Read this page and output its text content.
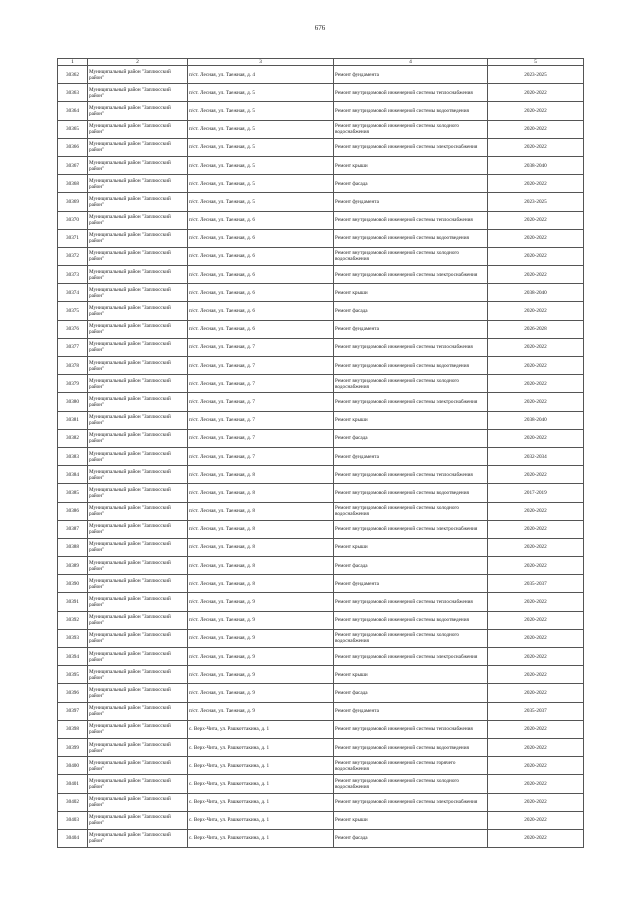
676
1	2	3	4	5
30362	Муниципальный район "Заплюсский район"	п/ст. Лесная, ул. Таежная, д. 4	Ремонт фундамента	2023-2025
30363	Муниципальный район "Заплюсский район"	п/ст. Лесная, ул. Таежная, д. 5	Ремонт внутридомовой инженерной системы теплоснабжения	2020-2022
30364	Муниципальный район "Заплюсский район"	п/ст. Лесная, ул. Таежная, д. 5	Ремонт внутридомовой инженерной системы водоотведения	2020-2022
30365	Муниципальный район "Заплюсский район"	п/ст. Лесная, ул. Таежная, д. 5	Ремонт внутридомовой инженерной системы холодного водоснабжения	2020-2022
30366	Муниципальный район "Заплюсский район"	п/ст. Лесная, ул. Таежная, д. 5	Ремонт внутридомовой инженерной системы электроснабжения	2020-2022
30367	Муниципальный район "Заплюсский район"	п/ст. Лесная, ул. Таежная, д. 5	Ремонт крыши	2038-2040
30368	Муниципальный район "Заплюсский район"	п/ст. Лесная, ул. Таежная, д. 5	Ремонт фасада	2020-2022
30369	Муниципальный район "Заплюсский район"	п/ст. Лесная, ул. Таежная, д. 5	Ремонт фундамента	2023-2025
30370	Муниципальный район "Заплюсский район"	п/ст. Лесная, ул. Таежная, д. 6	Ремонт внутридомовой инженерной системы теплоснабжения	2020-2022
30371	Муниципальный район "Заплюсский район"	п/ст. Лесная, ул. Таежная, д. 6	Ремонт внутридомовой инженерной системы водоотведения	2020-2022
30372	Муниципальный район "Заплюсский район"	п/ст. Лесная, ул. Таежная, д. 6	Ремонт внутридомовой инженерной системы холодного водоснабжения	2020-2022
30373	Муниципальный район "Заплюсский район"	п/ст. Лесная, ул. Таежная, д. 6	Ремонт внутридомовой инженерной системы электроснабжения	2020-2022
30374	Муниципальный район "Заплюсский район"	п/ст. Лесная, ул. Таежная, д. 6	Ремонт крыши	2038-2040
30375	Муниципальный район "Заплюсский район"	п/ст. Лесная, ул. Таежная, д. 6	Ремонт фасада	2020-2022
30376	Муниципальный район "Заплюсский район"	п/ст. Лесная, ул. Таежная, д. 6	Ремонт фундамента	2026-2028
30377	Муниципальный район "Заплюсский район"	п/ст. Лесная, ул. Таежная, д. 7	Ремонт внутридомовой инженерной системы теплоснабжения	2020-2022
30378	Муниципальный район "Заплюсский район"	п/ст. Лесная, ул. Таежная, д. 7	Ремонт внутридомовой инженерной системы водоотведения	2020-2022
30379	Муниципальный район "Заплюсский район"	п/ст. Лесная, ул. Таежная, д. 7	Ремонт внутридомовой инженерной системы холодного водоснабжения	2020-2022
30380	Муниципальный район "Заплюсский район"	п/ст. Лесная, ул. Таежная, д. 7	Ремонт внутридомовой инженерной системы электроснабжения	2020-2022
30381	Муниципальный район "Заплюсский район"	п/ст. Лесная, ул. Таежная, д. 7	Ремонт крыши	2038-2040
30382	Муниципальный район "Заплюсский район"	п/ст. Лесная, ул. Таежная, д. 7	Ремонт фасада	2020-2022
30383	Муниципальный район "Заплюсский район"	п/ст. Лесная, ул. Таежная, д. 7	Ремонт фундамента	2032-2034
30384	Муниципальный район "Заплюсский район"	п/ст. Лесная, ул. Таежная, д. 8	Ремонт внутридомовой инженерной системы теплоснабжения	2020-2022
30385	Муниципальный район "Заплюсский район"	п/ст. Лесная, ул. Таежная, д. 8	Ремонт внутридомовой инженерной системы водоотведения	2017-2019
30386	Муниципальный район "Заплюсский район"	п/ст. Лесная, ул. Таежная, д. 8	Ремонт внутридомовой инженерной системы холодного водоснабжения	2020-2022
30387	Муниципальный район "Заплюсский район"	п/ст. Лесная, ул. Таежная, д. 8	Ремонт внутридомовой инженерной системы электроснабжения	2020-2022
30388	Муниципальный район "Заплюсский район"	п/ст. Лесная, ул. Таежная, д. 8	Ремонт крыши	2020-2022
30389	Муниципальный район "Заплюсский район"	п/ст. Лесная, ул. Таежная, д. 8	Ремонт фасада	2020-2022
30390	Муниципальный район "Заплюсский район"	п/ст. Лесная, ул. Таежная, д. 8	Ремонт фундамента	2035-2037
30391	Муниципальный район "Заплюсский район"	п/ст. Лесная, ул. Таежная, д. 9	Ремонт внутридомовой инженерной системы теплоснабжения	2020-2022
30392	Муниципальный район "Заплюсский район"	п/ст. Лесная, ул. Таежная, д. 9	Ремонт внутридомовой инженерной системы водоотведения	2020-2022
30393	Муниципальный район "Заплюсский район"	п/ст. Лесная, ул. Таежная, д. 9	Ремонт внутридомовой инженерной системы холодного водоснабжения	2020-2022
30394	Муниципальный район "Заплюсский район"	п/ст. Лесная, ул. Таежная, д. 9	Ремонт внутридомовой инженерной системы электроснабжения	2020-2022
30395	Муниципальный район "Заплюсский район"	п/ст. Лесная, ул. Таежная, д. 9	Ремонт крыши	2020-2022
30396	Муниципальный район "Заплюсский район"	п/ст. Лесная, ул. Таежная, д. 9	Ремонт фасада	2020-2022
30397	Муниципальный район "Заплюсский район"	п/ст. Лесная, ул. Таежная, д. 9	Ремонт фундамента	2035-2037
30398	Муниципальный район "Заплюсский район"	с. Верх-Чита, ул. Рашкоттакина, д. 1	Ремонт внутридомовой инженерной системы теплоснабжения	2020-2022
30399	Муниципальный район "Заплюсский район"	с. Верх-Чита, ул. Рашкоттакина, д. 1	Ремонт внутридомовой инженерной системы водоотведения	2020-2022
30400	Муниципальный район "Заплюсский район"	с. Верх-Чита, ул. Рашкоттакина, д. 1	Ремонт внутридомовой инженерной системы горячего водоснабжения	2020-2022
30401	Муниципальный район "Заплюсский район"	с. Верх-Чита, ул. Рашкоттакина, д. 1	Ремонт внутридомовой инженерной системы холодного водоснабжения	2020-2022
30402	Муниципальный район "Заплюсский район"	с. Верх-Чита, ул. Рашкоттакина, д. 1	Ремонт внутридомовой инженерной системы электроснабжения	2020-2022
30403	Муниципальный район "Заплюсский район"	с. Верх-Чита, ул. Рашкоттакина, д. 1	Ремонт крыши	2020-2022
30404	Муниципальный район "Заплюсский район"	с. Верх-Чита, ул. Рашкоттакина, д. 1	Ремонт фасада	2020-2022
